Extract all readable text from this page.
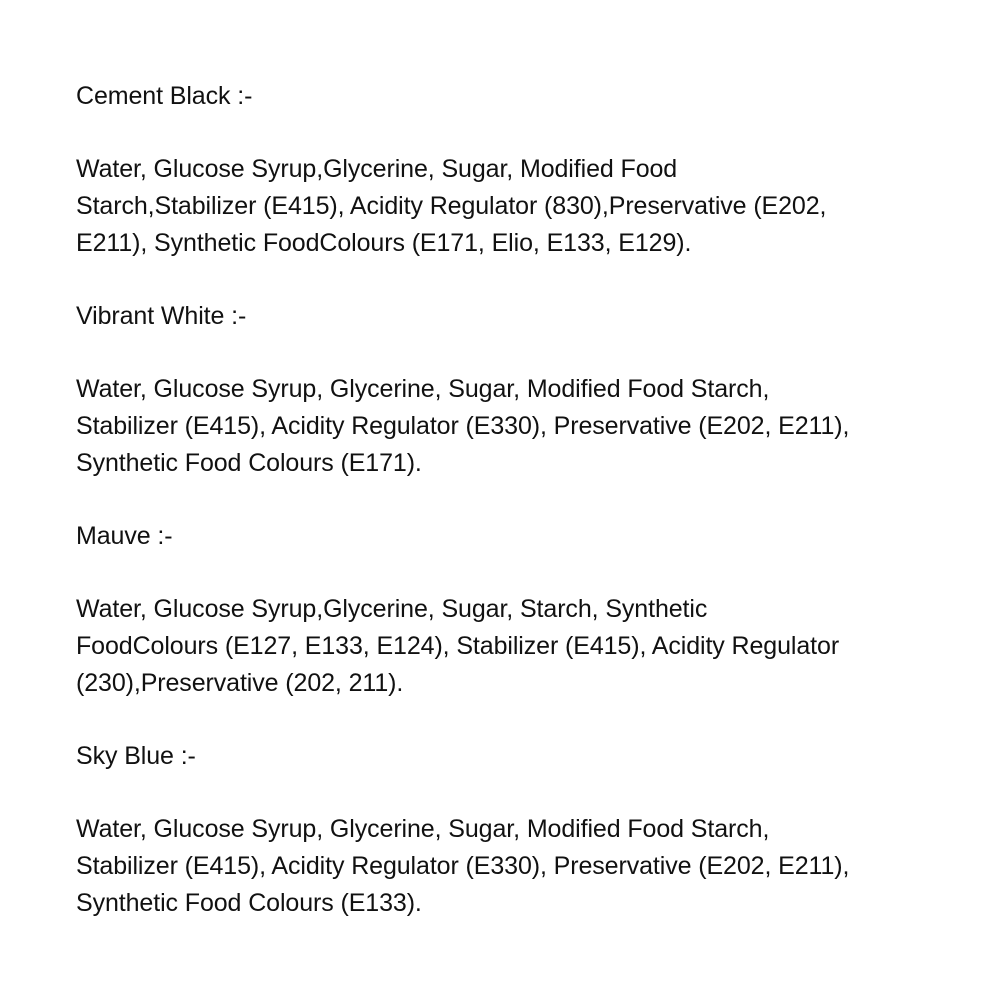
Cement Black :-

Water, Glucose Syrup,Glycerine, Sugar, Modified Food
Starch,Stabilizer (E415), Acidity Regulator (830),Preservative (E202,
E211), Synthetic FoodColours (E171, Elio, E133, E129).

Vibrant White :-

Water, Glucose Syrup, Glycerine, Sugar, Modified Food Starch,
Stabilizer (E415), Acidity Regulator (E330), Preservative (E202, E211),
Synthetic Food Colours (E171).

Mauve :-

Water, Glucose Syrup,Glycerine, Sugar, Starch, Synthetic
FoodColours (E127, E133, E124), Stabilizer (E415), Acidity Regulator
(230),Preservative (202, 211).

Sky Blue :-

Water, Glucose Syrup, Glycerine, Sugar, Modified Food Starch,
Stabilizer (E415), Acidity Regulator (E330), Preservative (E202, E211),
Synthetic Food Colours (E133).
